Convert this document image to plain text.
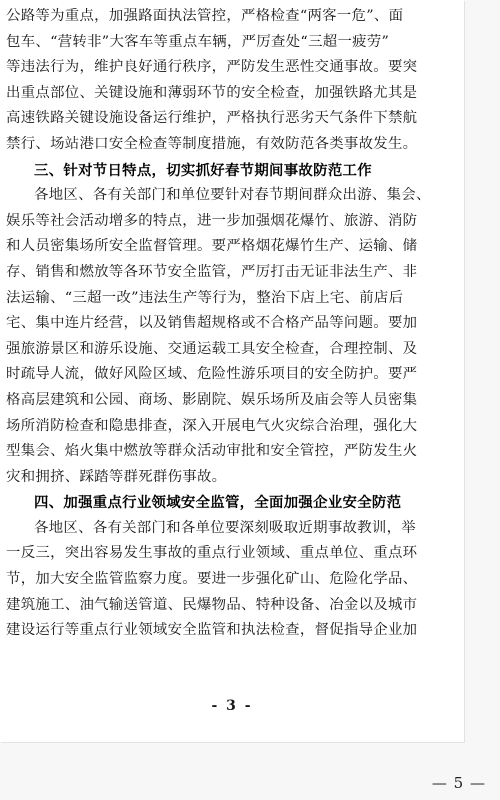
公路等为重点，加强路面执法管控，严格检查“两客一危”、面
包车、“营转非”大客车等重点车辆，严厉查处“三超一疲劳”
等违法行为，维护良好通行秩序，严防发生恶性交通事故。要突
出重点部位、关键设施和薄弱环节的安全检查，加强铁路尤其是
高速铁路关键设施设备运行维护，严格执行恶劣天气条件下禁航
禁行、场站港口安全检查等制度措施，有效防范各类事故发生。
三、针对节日特点，切实抓好春节期间事故防范工作
各地区、各有关部门和单位要针对春节期间群众出游、集会、
娱乐等社会活动增多的特点，进一步加强烟花爆竹、旅游、消防
和人员密集场所安全监督管理。要严格烟花爆竹生产、运输、储
存、销售和燃放等各环节安全监管，严厉打击无证非法生产、非
法运输、“三超一改”违法生产等行为，整治下店上宅、前店后
宅、集中连片经营，以及销售超规格或不合格产品等问题。要加
强旅游景区和游乐设施、交通运载工具安全检查，合理控制、及
时疏导人流，做好风险区域、危险性游乐项目的安全防护。要严
格高层建筑和公园、商场、影剧院、娱乐场所及庙会等人员密集
场所消防检查和隐患排查，深入开展电气火灾综合治理，强化大
型集会、焰火集中燃放等群众活动审批和安全管控，严防发生火
灾和拥挤、踩踏等群死群伤事故。
四、加强重点行业领域安全监管，全面加强企业安全防范
各地区、各有关部门和各单位要深刻吸取近期事故教训，举
一反三，突出容易发生事故的重点行业领域、重点单位、重点环
节，加大安全监管监察力度。要进一步强化矿山、危险化学品、
建筑施工、油气输送管道、民爆物品、特种设备、冶金以及城市
建设运行等重点行业领域安全监管和执法检查，督促指导企业加
- 3 -
— 5 —
